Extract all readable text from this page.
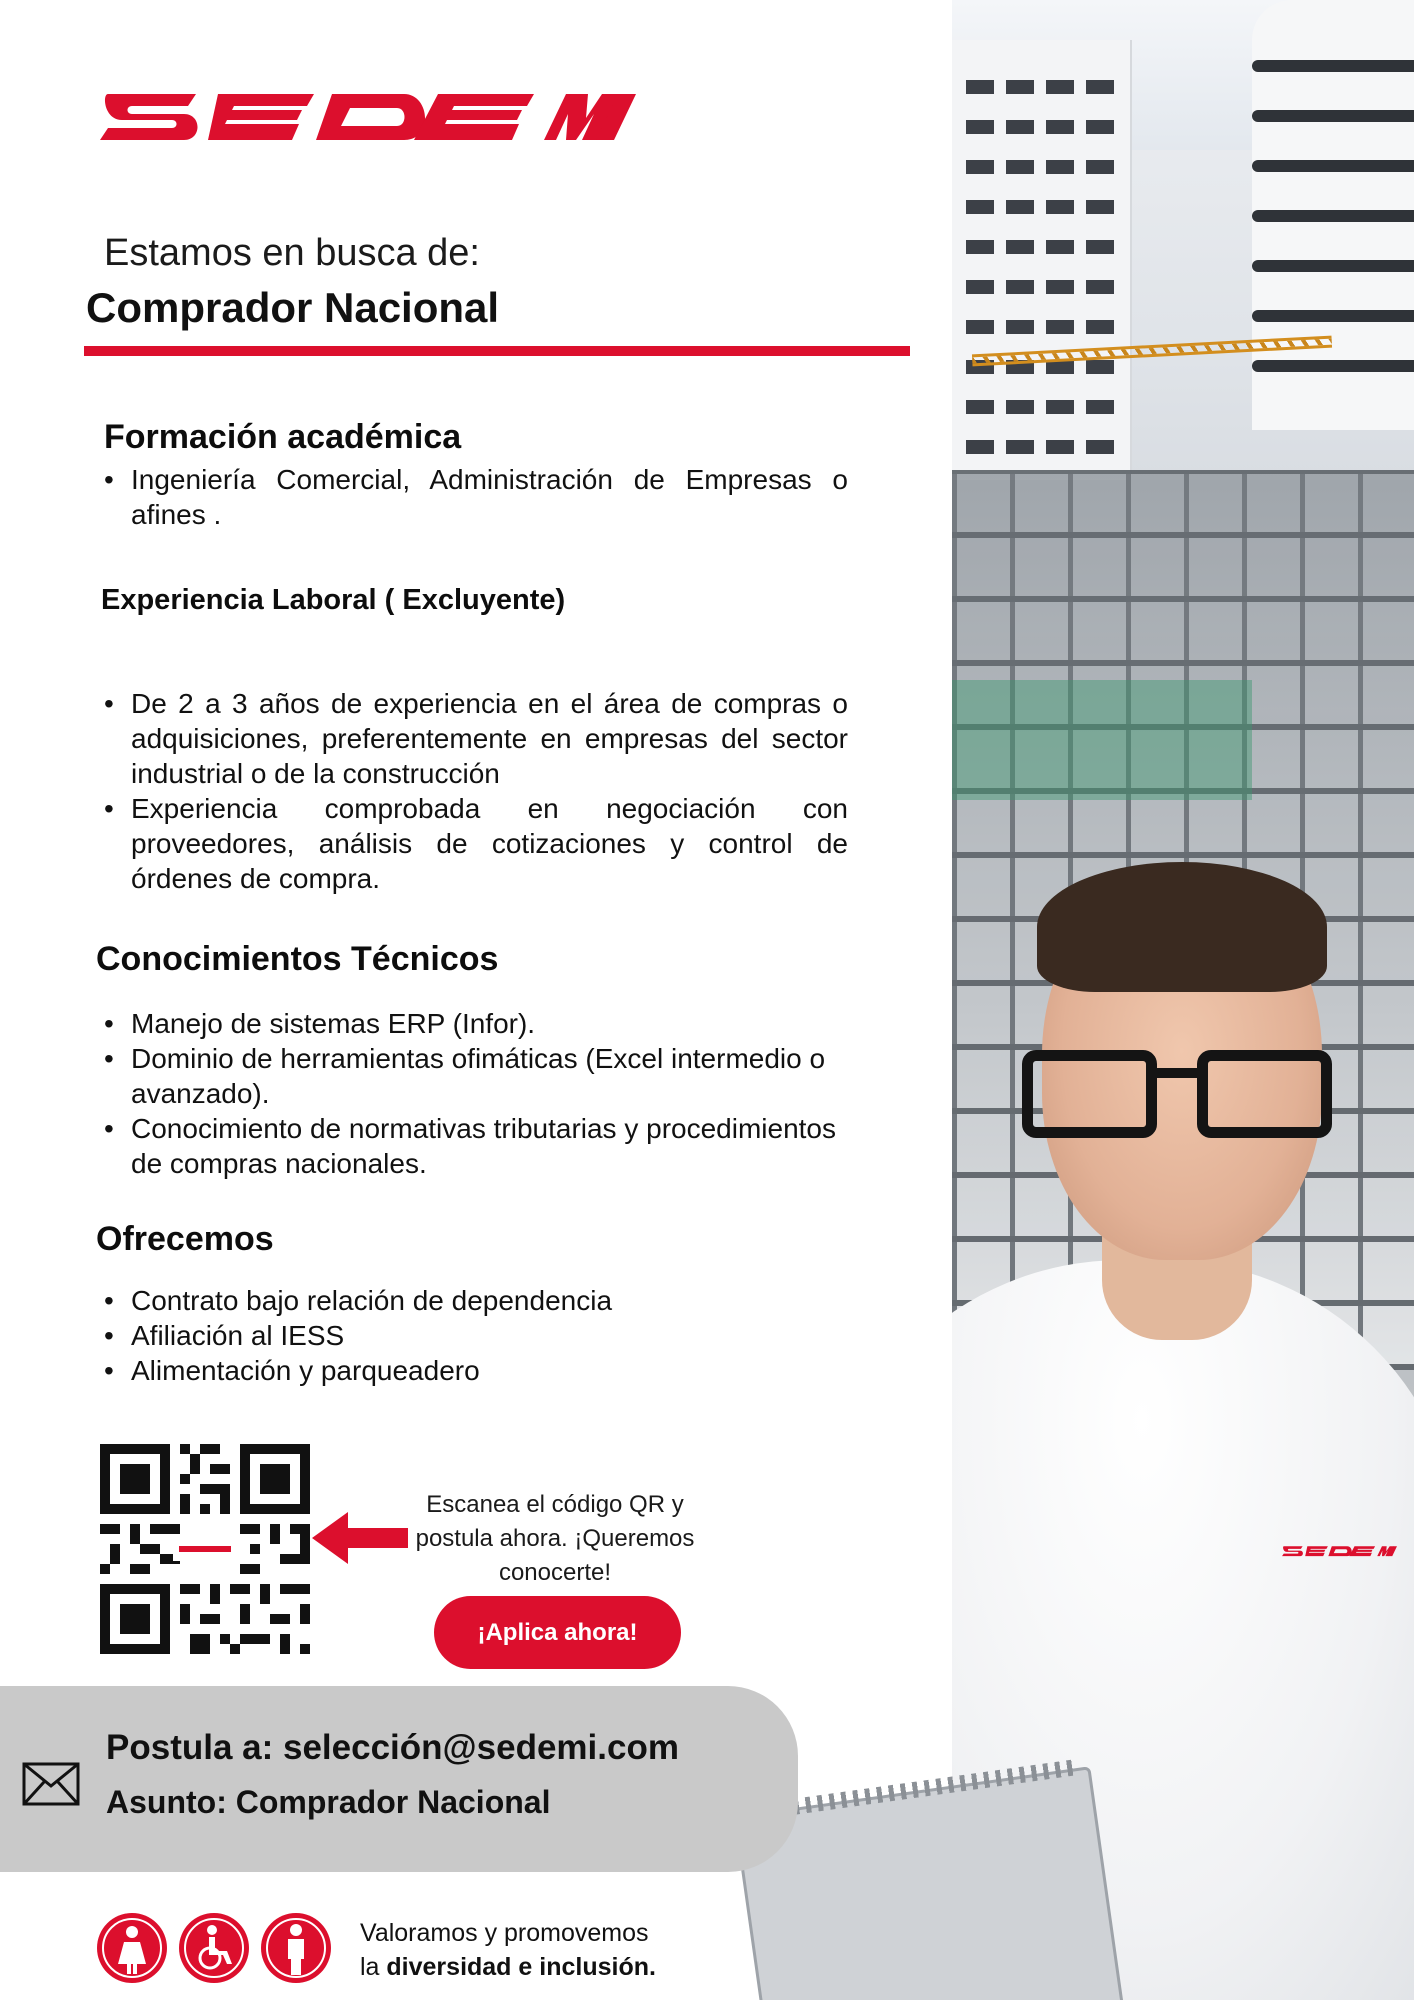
Estamos en busca de:
Comprador Nacional
Formación académica
• Ingeniería Comercial, Administración de Empresas o afines .
Experiencia Laboral ( Excluyente)
• De 2 a 3 años de experiencia en el área de compras o adquisiciones, preferentemente en empresas del sector industrial o de la construcción
• Experiencia comprobada en negociación con proveedores, análisis de cotizaciones y control de órdenes de compra.
Conocimientos Técnicos
• Manejo de sistemas ERP (Infor).
• Dominio de herramientas ofimáticas (Excel intermedio o avanzado).
• Conocimiento de normativas tributarias y procedimientos de compras nacionales.
Ofrecemos
• Contrato bajo relación de dependencia
• Afiliación al IESS
• Alimentación y parqueadero
Escanea el código QR y postula ahora. ¡Queremos conocerte!
¡Aplica ahora!
Postula a: selección@sedemi.com
Asunto: Comprador Nacional
Valoramos y promovemos
la diversidad e inclusión.
